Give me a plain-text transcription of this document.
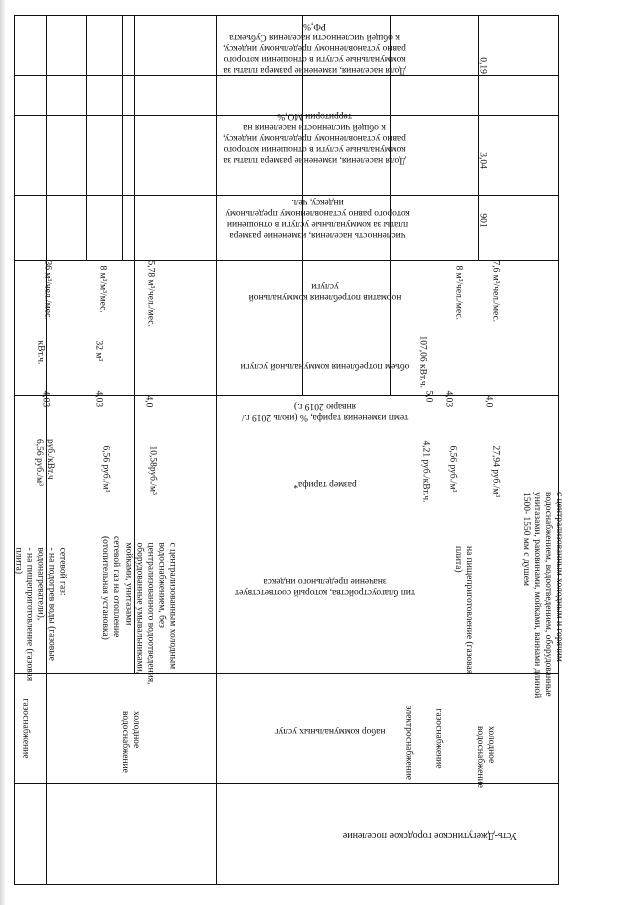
Усть-Джегутинское городское поселение
набор коммунальных услуг
тип благоустройства, который соответствует значение предельного индекса
размер тарифа*
темп изменения тарифа, % (июль 2019 г./ январю 2019 г.)
объем потребления коммунальной услуги
норматив потребления коммунальной услуги
численность населения, изменение размера платы за коммунальные услуги в отношении которого равно установленному предельному индексу, чел.
Доля населения, изменение размера платы за коммунальные услуги в отношении которого равно установленному предельному индексу, к общей численности населения на территории МО,%
Доля населения, изменение размера платы за коммунальные услуги в отношении которого равно установленному предельному индексу, к общей численности населения Субъекта РФ,%
901
3,04
0,19
газоснабжение
сетевой газ:
- на подогрев воды (газовые водонагреватели),
- на пищеприготовление (газовая плита)
руб./кВт.ч
6,56 руб./м³
4,03
кВт.ч.
36 м³/чел./мес.
сетевой газ на отопление (отопительная установка)
6,56 руб./м³
4,03
32 м³
8 м³/м³/мес.
холодное водоснабжение
с централизованным холодным водоснабжением, без централизованного водоотведения, оборудованные умывальниками, мойками, унитазами
10,58руб./м³
4,0
5,78 м³/чел./мес.
электроснабжение
4,21 руб./кВт.ч.
5,0
107,06 кВт.ч.
газоснабжение
на пищеприготовление (газовая плита)
6,56 руб./м³
4,03
8 м³/чел./мес.
холодное водоснабжение
с централизованным холодным и горячим водоснабжением, водоотведением, оборудованные унитазами, раковинами, мойками, ваннами длиной 1500- 1550 мм с душем
27,94 руб./м³
4,0
7,6 м³/чел./мес.
